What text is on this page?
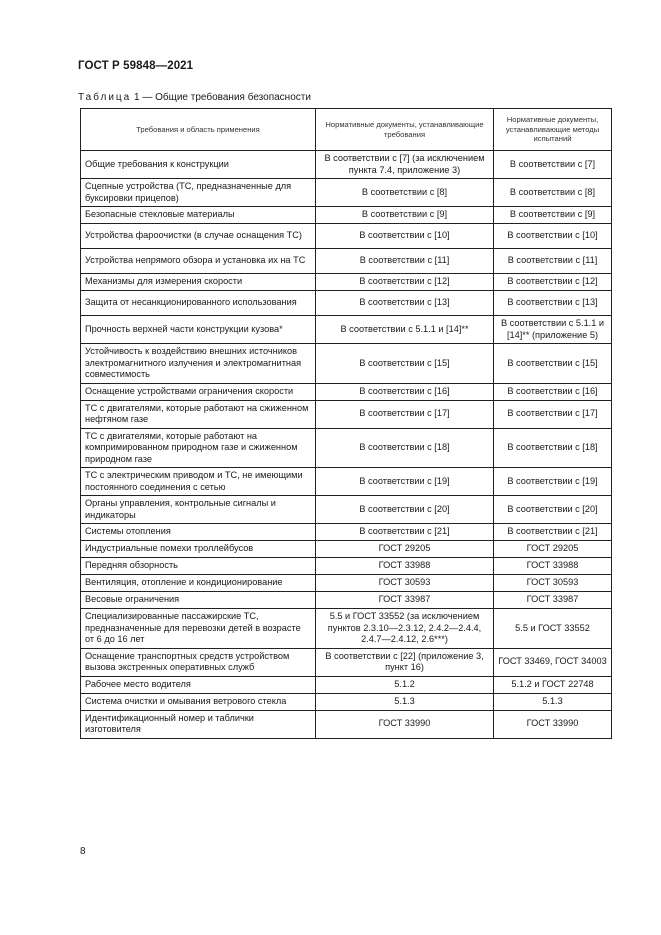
ГОСТ Р 59848—2021
Таблица 1 — Общие требования безопасности
Требования и область применения	Нормативные документы, устанавливающие требования	Нормативные документы, устанавливающие методы испытаний
Общие требования к конструкции	В соответствии с [7] (за исключением пункта 7.4, приложение 3)	В соответствии с [7]
Сцепные устройства (ТС, предназначенные для буксировки прицепов)	В соответствии с [8]	В соответствии с [8]
Безопасные стекловые материалы	В соответствии с [9]	В соответствии с [9]
Устройства фароочистки (в случае оснащения ТС)	В соответствии с [10]	В соответствии с [10]
Устройства непрямого обзора и установка их на ТС	В соответствии с [11]	В соответствии с [11]
Механизмы для измерения скорости	В соответствии с [12]	В соответствии с [12]
Защита от несанкционированного использования	В соответствии с [13]	В соответствии с [13]
Прочность верхней части конструкции кузова*	В соответствии с 5.1.1 и [14]**	В соответствии с 5.1.1 и [14]** (приложение 5)
Устойчивость к воздействию внешних источников электромагнитного излучения и электромагнитная совместимость	В соответствии с [15]	В соответствии с [15]
Оснащение устройствами ограничения скорости	В соответствии с [16]	В соответствии с [16]
ТС с двигателями, которые работают на сжиженном нефтяном газе	В соответствии с [17]	В соответствии с [17]
ТС с двигателями, которые работают на компримированном природном газе и сжиженном природном газе	В соответствии с [18]	В соответствии с [18]
ТС с электрическим приводом и ТС, не имеющими постоянного соединения с сетью	В соответствии с [19]	В соответствии с [19]
Органы управления, контрольные сигналы и индикаторы	В соответствии с [20]	В соответствии с [20]
Системы отопления	В соответствии с [21]	В соответствии с [21]
Индустриальные помехи троллейбусов	ГОСТ 29205	ГОСТ 29205
Передняя обзорность	ГОСТ 33988	ГОСТ 33988
Вентиляция, отопление и кондиционирование	ГОСТ 30593	ГОСТ 30593
Весовые ограничения	ГОСТ 33987	ГОСТ 33987
Специализированные пассажирские ТС, предназначенные для перевозки детей в возрасте от 6 до 16 лет	5.5 и ГОСТ 33552 (за исключением пунктов 2.3.10—2.3.12, 2.4.2—2.4.4, 2.4.7—2.4.12, 2.6***)	5.5 и ГОСТ 33552
Оснащение транспортных средств устройством вызова экстренных оперативных служб	В соответствии с [22] (приложение 3, пункт 16)	ГОСТ 33469, ГОСТ 34003
Рабочее место водителя	5.1.2	5.1.2 и ГОСТ 22748
Система очистки и омывания ветрового стекла	5.1.3	5.1.3
Идентификационный номер и таблички изготовителя	ГОСТ 33990	ГОСТ 33990
8
